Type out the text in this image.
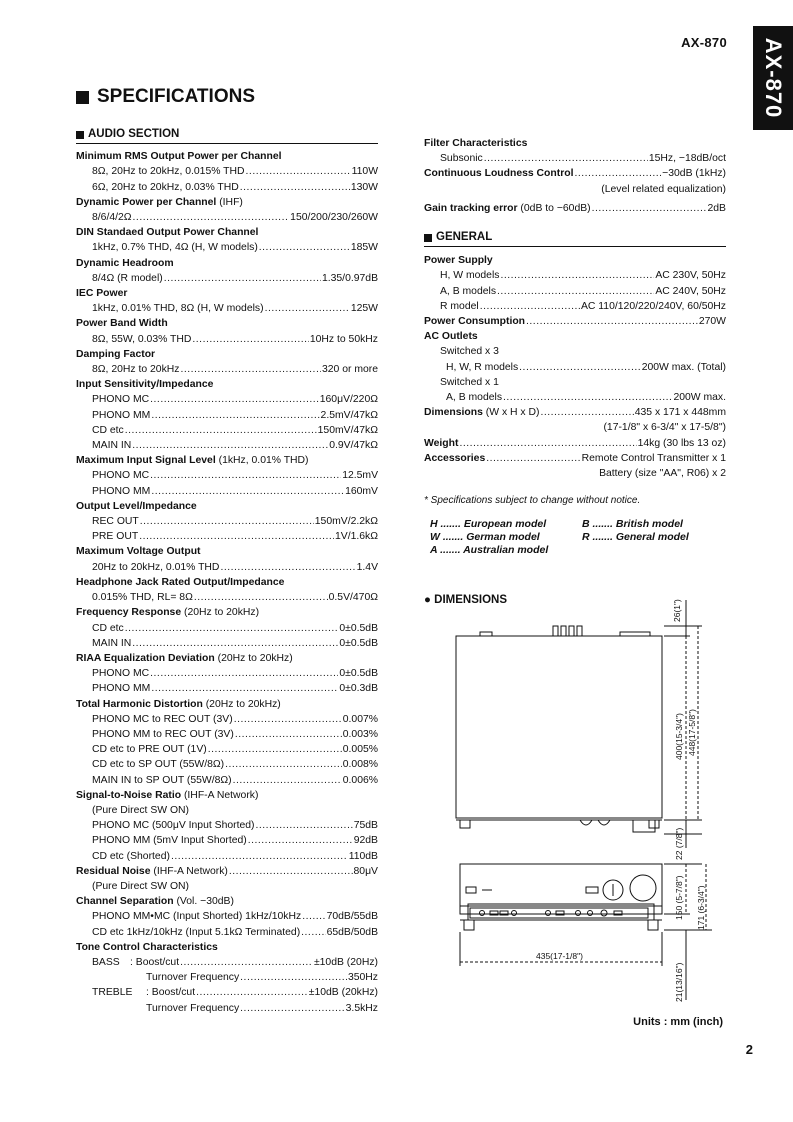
AX-870 AX-870
SPECIFICATIONS
AUDIO SECTION
Minimum RMS Output Power per Channel
8Ω, 20Hz to 20kHz, 0.015% THD .....	110W
6Ω, 20Hz to 20kHz, 0.03% THD .....	130W
Dynamic Power per Channel (IHF)
8/6/4/2Ω .....	150/200/230/260W
DIN Standaed Output Power Channel
1kHz, 0.7% THD, 4Ω (H, W models) .....	185W
Dynamic Headroom
8/4Ω (R model) .....	1.35/0.97dB
IEC Power
1kHz, 0.01% THD, 8Ω (H, W models) .....	125W
Power Band Width
8Ω, 55W, 0.03% THD .....	10Hz to 50kHz
Damping Factor
8Ω, 20Hz to 20kHz .....	320 or more
Input Sensitivity/Impedance
PHONO MC .....	160μV/220Ω
PHONO MM .....	2.5mV/47kΩ
CD etc .....	150mV/47kΩ
MAIN IN .....	0.9V/47kΩ
Maximum Input Signal Level (1kHz, 0.01% THD)
PHONO MC .....	12.5mV
PHONO MM .....	160mV
Output Level/Impedance
REC OUT .....	150mV/2.2kΩ
PRE OUT .....	1V/1.6kΩ
Maximum Voltage Output
20Hz to 20kHz, 0.01% THD .....	1.4V
Headphone Jack Rated Output/Impedance
0.015% THD, RL= 8Ω .....	0.5V/470Ω
Frequency Response (20Hz to 20kHz)
CD etc .....	0±0.5dB
MAIN IN .....	0±0.5dB
RIAA Equalization Deviation (20Hz to 20kHz)
PHONO MC .....	0±0.5dB
PHONO MM .....	0±0.3dB
Total Harmonic Distortion (20Hz to 20kHz)
PHONO MC to REC OUT (3V) .....	0.007%
PHONO MM to REC OUT (3V) .....	0.003%
CD etc to PRE OUT (1V) .....	0.005%
CD etc to SP OUT (55W/8Ω) .....	0.008%
MAIN IN to SP OUT (55W/8Ω) .....	0.006%
Signal-to-Noise Ratio (IHF-A Network)
(Pure Direct SW ON)
PHONO MC (500μV Input Shorted) .....	75dB
PHONO MM (5mV Input Shorted) .....	92dB
CD etc (Shorted) .....	110dB
Residual Noise (IHF-A Network) .....	80μV
(Pure Direct SW ON)
Channel Separation (Vol. −30dB)
PHONO MM•MC (Input Shorted) 1kHz/10kHz ..... 70dB/55dB
CD etc 1kHz/10kHz (Input 5.1kΩ Terminated) .....	65dB/50dB
Tone Control Characteristics
BASS : Boost/cut .....	±10dB (20Hz)
Turnover Frequency .....	350Hz
TREBLE	: Boost/cut .....	±10dB (20kHz)
Turnover Frequency .....	3.5kHz
Filter Characteristics
Subsonic .....	15Hz, −18dB/oct
Continuous Loudness Control .....	−30dB (1kHz)
(Level related equalization)
Gain tracking error (0dB to −60dB) .....	2dB
GENERAL
Power Supply
H, W models .....	AC 230V, 50Hz
A, B models .....	AC 240V, 50Hz
R model .....	AC 110/120/220/240V, 60/50Hz
Power Consumption .....	270W
AC Outlets
Switched x 3
H, W, R models .....	200W max. (Total)
Switched x 1
A, B models .....	200W max.
Dimensions (W x H x D) .....	435 x 171 x 448mm
(17-1/8" x 6-3/4" x 17-5/8")
Weight .....	14kg (30 lbs 13 oz)
Accessories .....	Remote Control Transmitter x 1
Battery (size "AA", R06) x 2
* Specifications subject to change without notice.
H ....... European model	B ....... British model
W ....... German model	R ....... General model
A ....... Australian model
● DIMENSIONS	26(1")
400(15-3/4") 448(17-5/8")
22 (7/8")
150 (5-7/8") 171 (6-3/4")
435(17-1/8")
21(13/16")
Units : mm (inch)
2
